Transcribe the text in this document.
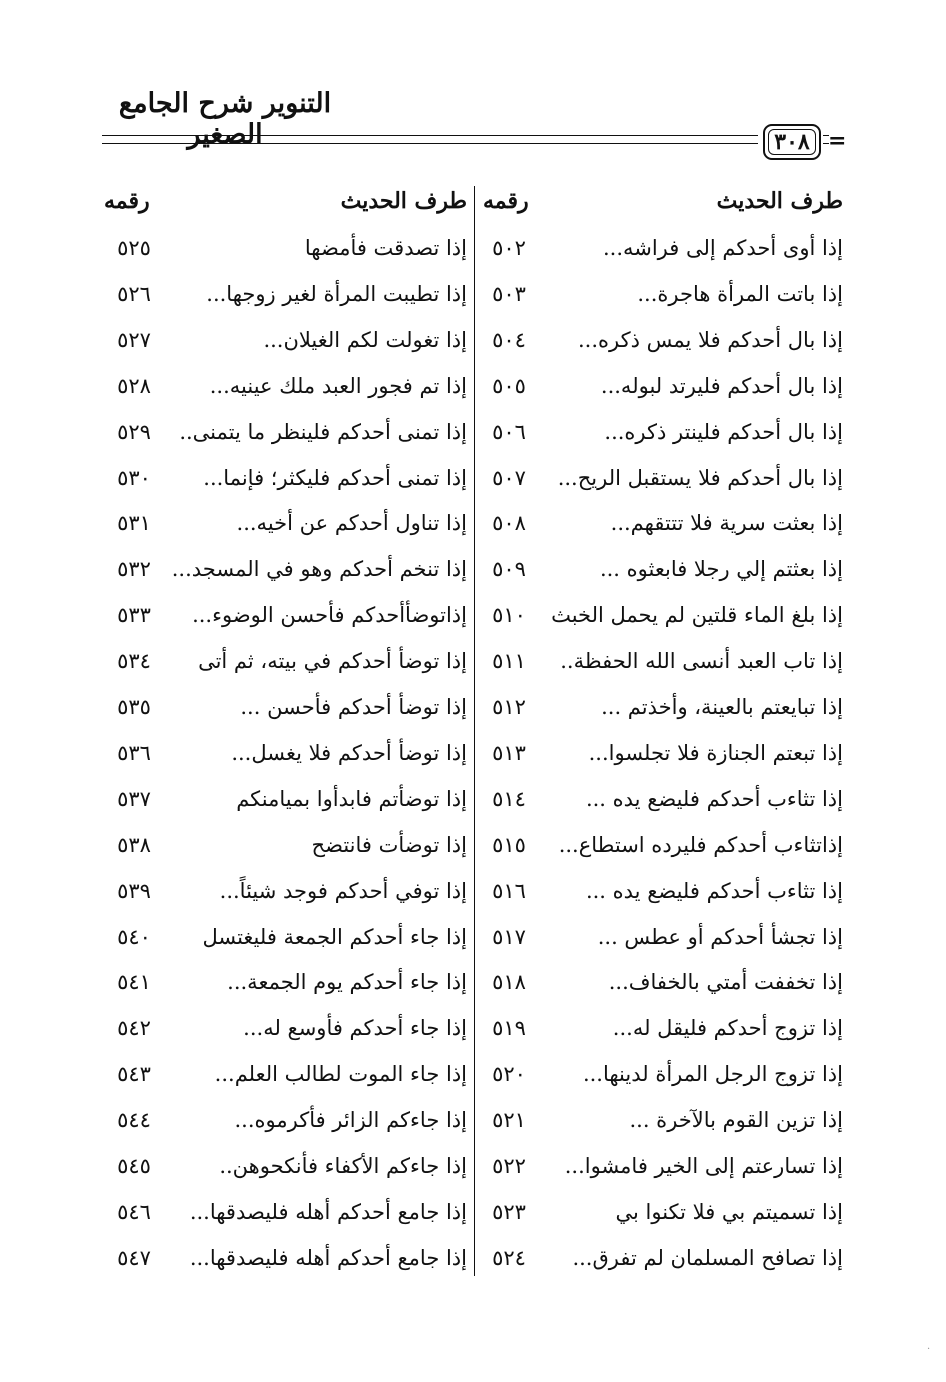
التنوير شرح الجامع الصغير	٣٠٨ =
طرف الحديث
رقمه
طرف الحديث
رقمه
إذا أوى أحدكم إلى فراشه...
٥٠٢
إذا تصدقت فأمضها
٥٢٥
إذا باتت المرأة هاجرة...
٥٠٣
إذا تطيبت المرأة لغير زوجها...
٥٢٦
إذا بال أحدكم فلا يمس ذكره...
٥٠٤
إذا تغولت لكم الغيلان...
٥٢٧
إذا بال أحدكم فليرتد لبوله...
٥٠٥
إذا تم فجور العبد ملك عينيه...
٥٢٨
إذا بال أحدكم فلينتر ذكره...
٥٠٦
إذا تمنى أحدكم فلينظر ما يتمنى..
٥٢٩
إذا بال أحدكم فلا يستقبل الريح...
٥٠٧
إذا تمنى أحدكم فليكثر؛ فإنما...
٥٣٠
إذا بعثت سرية فلا تتتقهم...
٥٠٨
إذا تناول أحدكم عن أخيه...
٥٣١
إذا بعثتم إلي رجلا فابعثوه ...
٥٠٩
إذا تنخم أحدكم وهو في المسجد...
٥٣٢
إذا بلغ الماء قلتين لم يحمل الخبث
٥١٠
إذاتوضأأحدكم فأحسن الوضوء...
٥٣٣
إذا تاب العبد أنسى الله الحفظة..
٥١١
إذا توضأ أحدكم في بيته، ثم أتى
٥٣٤
إذا تبايعتم بالعينة، وأخذتم ...
٥١٢
إذا توضأ أحدكم فأحسن ...
٥٣٥
إذا تبعتم الجنازة فلا تجلسوا...
٥١٣
إذا توضأ أحدكم فلا يغسل...
٥٣٦
إذا تثاءب أحدكم فليضع يده ...
٥١٤
إذا توضأتم فابدأوا بميامنكم
٥٣٧
إذاتثاءب أحدكم فليرده استطاع...
٥١٥
إذا توضأت فانتضح
٥٣٨
إذا تثاءب أحدكم فليضع يده ...
٥١٦
إذا توفي أحدكم فوجد شيئاً...
٥٣٩
إذا تجشأ أحدكم أو عطس ...
٥١٧
إذا جاء أحدكم الجمعة فليغتسل
٥٤٠
إذا تخففت أمتي بالخفاف...
٥١٨
إذا جاء أحدكم يوم الجمعة...
٥٤١
إذا تزوج أحدكم فليقل له...
٥١٩
إذا جاء أحدكم فأوسع له...
٥٤٢
إذا تزوج الرجل المرأة لدينها...
٥٢٠
إذا جاء الموت لطالب العلم...
٥٤٣
إذا تزين القوم بالآخرة ...
٥٢١
إذا جاءكم الزائر فأكرموه...
٥٤٤
إذا تسارعتم إلى الخير فامشوا...
٥٢٢
إذا جاءكم الأكفاء فأنكحوهن..
٥٤٥
إذا تسميتم بي فلا تكنوا بي
٥٢٣
إذا جامع أحدكم أهله فليصدقها...
٥٤٦
إذا تصافح المسلمان لم تفرق...
٥٢٤
إذا جامع أحدكم أهله فليصدقها...
٥٤٧
·
